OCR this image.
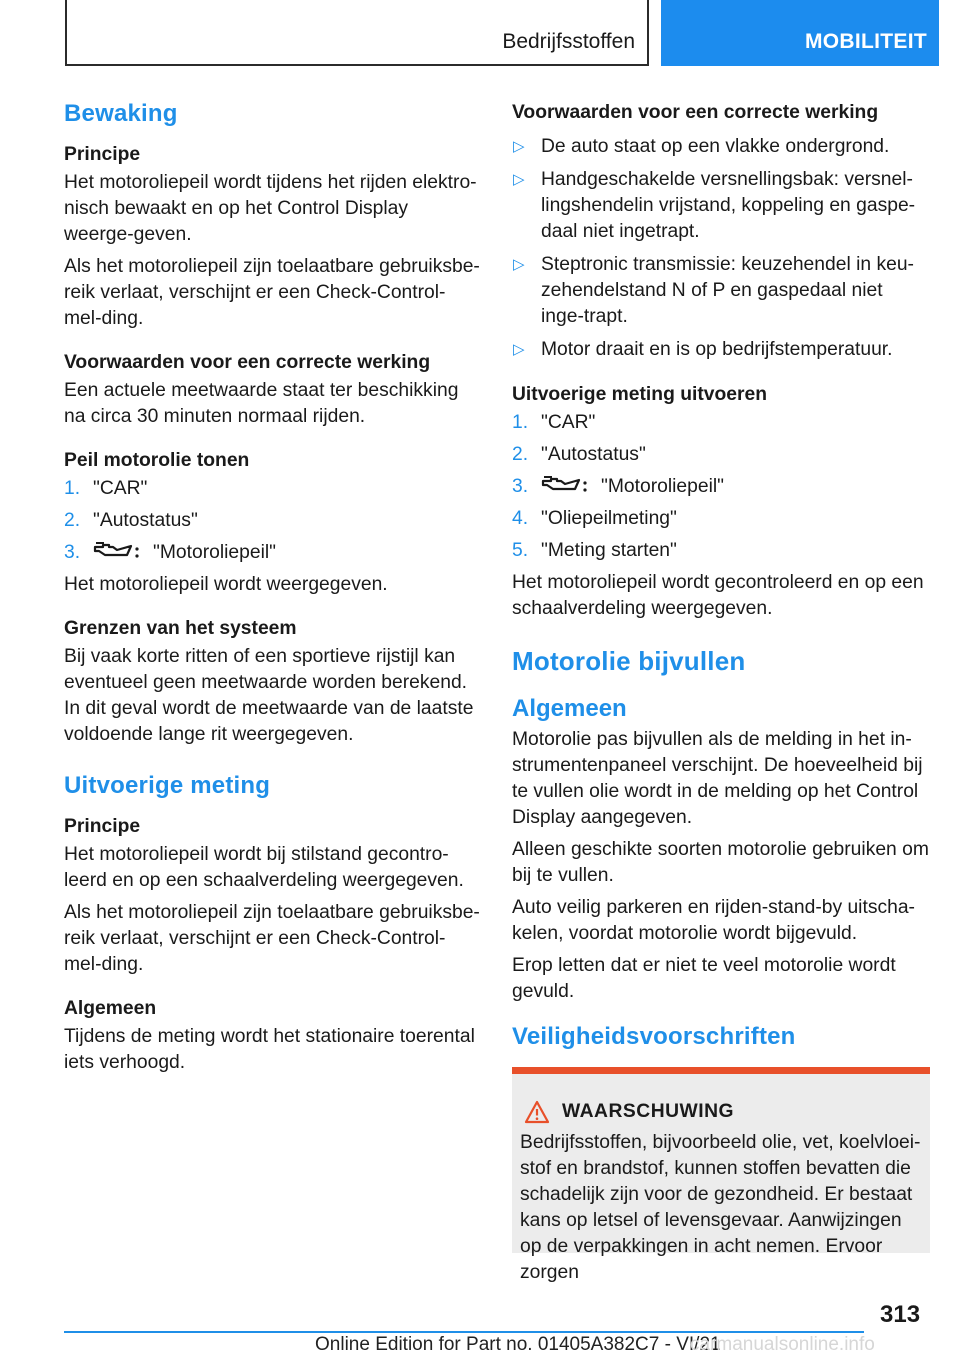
Bedrijfsstoffen	MOBILITEIT
Bewaking
Principe

Het motoroliepeil wordt tijdens het rijden elektro-nisch bewaakt en op het Control Display weerge-geven.

Als het motoroliepeil zijn toelaatbare gebruiksbe-reik verlaat, verschijnt er een Check-Control-mel-ding.

Voorwaarden voor een correcte werking

Een actuele meetwaarde staat ter beschikking na circa 30 minuten normaal rijden.

Peil motorolie tonen
1. "CAR"
2. "Autostatus"
3.	"Motoroliepeil"

Het motoroliepeil wordt weergegeven.

Grenzen van het systeem

Bij vaak korte ritten of een sportieve rijstijl kan eventueel geen meetwaarde worden berekend. In dit geval wordt de meetwaarde van de laatste voldoende lange rit weergegeven.

Uitvoerige meting
Principe

Het motoroliepeil wordt bij stilstand gecontro-leerd en op een schaalverdeling weergegeven.

Als het motoroliepeil zijn toelaatbare gebruiksbe-reik verlaat, verschijnt er een Check-Control-mel-ding.

Algemeen

Tijdens de meting wordt het stationaire toerental iets verhoogd.

Voorwaarden voor een correcte werking
▷ De auto staat op een vlakke ondergrond.
▷ Handgeschakelde versnellingsbak: versnel-lingshendelin vrijstand, koppeling en gaspe-daal niet ingetrapt.
▷ Steptronic transmissie: keuzehendel in keu-zehendelstand N of P en gaspedaal niet inge-trapt.
▷ Motor draait en is op bedrijfstemperatuur.
Uitvoerige meting uitvoeren
1. "CAR"
2. "Autostatus"
3.	"Motoroliepeil"
4. "Oliepeilmeting"
5. "Meting starten"

Het motoroliepeil wordt gecontroleerd en op een schaalverdeling weergegeven.

Motorolie bijvullen
Algemeen

Motorolie pas bijvullen als de melding in het in-strumentenpaneel verschijnt. De hoeveelheid bij te vullen olie wordt in de melding op het Control Display aangegeven.

Alleen geschikte soorten motorolie gebruiken om bij te vullen.

Auto veilig parkeren en rijden-stand-by uitscha-kelen, voordat motorolie wordt bijgevuld.

Erop letten dat er niet te veel motorolie wordt gevuld.

Veiligheidsvoorschriften
WAARSCHUWING

Bedrijfsstoffen, bijvoorbeeld olie, vet, koelvloei-stof en brandstof, kunnen stoffen bevatten die schadelijk zijn voor de gezondheid. Er bestaat kans op letsel of levensgevaar. Aanwijzingen op de verpakkingen in acht nemen. Ervoor zorgen

313
Online Edition for Part no. 01405A382C7 - VI/21
carmanualsonline.info
